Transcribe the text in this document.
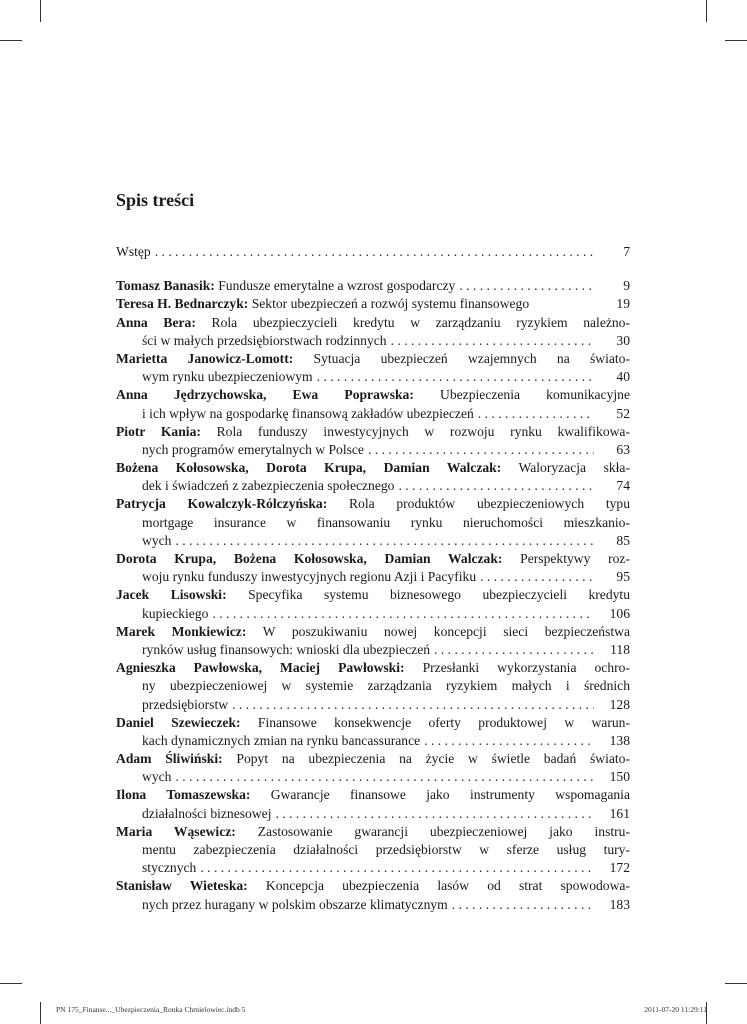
Spis treści
Wstęp . . .	7
Tomasz Banasik: Fundusze emerytalne a wzrost gospodarczy . . .	9
Teresa H. Bednarczyk: Sektor ubezpieczeń a rozwój systemu finansowego	19
Anna Bera: Rola ubezpieczycieli kredytu w zarządzaniu ryzykiem należno-
ści w małych przedsiębiorstwach rodzinnych . . .	30
Marietta Janowicz-Lomott: Sytuacja ubezpieczeń wzajemnych na świato-
wym rynku ubezpieczeniowym . . .	40
Anna Jędrzychowska, Ewa Poprawska: Ubezpieczenia komunikacyjne
i ich wpływ na gospodarkę finansową zakładów ubezpieczeń . . .	52
Piotr Kania: Rola funduszy inwestycyjnych w rozwoju rynku kwalifikowa-
nych programów emerytalnych w Polsce . . .	63
Bożena Kołosowska, Dorota Krupa, Damian Walczak: Waloryzacja skła-
dek i świadczeń z zabezpieczenia społecznego . . .	74
Patrycja Kowalczyk-Rólczyńska: Rola produktów ubezpieczeniowych typu
mortgage insurance w finansowaniu rynku nieruchomości mieszkanio-
wych . . .	85
Dorota Krupa, Bożena Kołosowska, Damian Walczak: Perspektywy roz-
woju rynku funduszy inwestycyjnych regionu Azji i Pacyfiku . . .	95
Jacek Lisowski: Specyfika systemu biznesowego ubezpieczycieli kredytu
kupieckiego . . .	106
Marek Monkiewicz: W poszukiwaniu nowej koncepcji sieci bezpieczeństwa
rynków usług finansowych: wnioski dla ubezpieczeń . . .	118
Agnieszka Pawłowska, Maciej Pawłowski: Przesłanki wykorzystania ochro-
ny ubezpieczeniowej w systemie zarządzania ryzykiem małych i średnich
przedsiębiorstw . . .	128
Daniel Szewieczek: Finansowe konsekwencje oferty produktowej w warun-
kach dynamicznych zmian na rynku bancassurance . . .	138
Adam Śliwiński: Popyt na ubezpieczenia na życie w świetle badań świato-
wych . . .	150
Ilona Tomaszewska: Gwarancje finansowe jako instrumenty wspomagania
działalności biznesowej . . .	161
Maria Wąsewicz: Zastosowanie gwarancji ubezpieczeniowej jako instru-
mentu zabezpieczenia działalności przedsiębiorstw w sferze usług tury-
stycznych . . .	172
Stanisław Wieteska: Koncepcja ubezpieczenia lasów od strat spowodowa-
nych przez huragany w polskim obszarze klimatycznym . . .	183
PN 175_Finanse..._Ubezpieczenia_Ronka Chmielowiec.indb 5	2011-07-20 11:29:11
